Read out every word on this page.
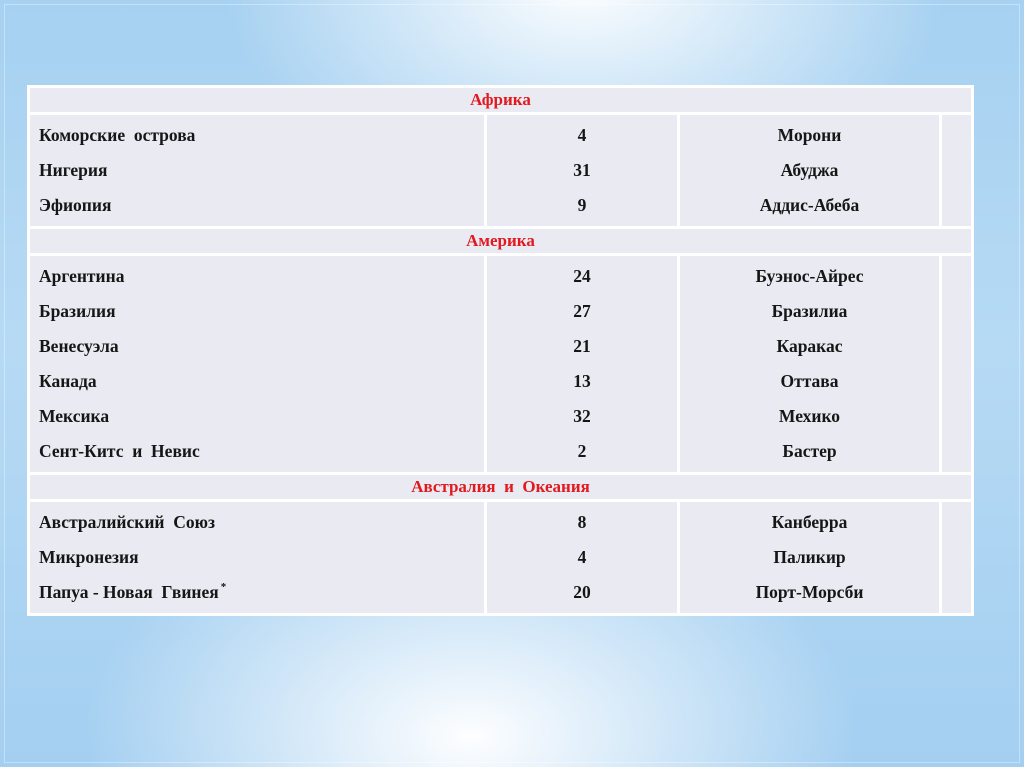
Африка
Коморские  острова
Нигерия
Эфиопия
4
31
9
Морони
Абуджа
Аддис-Абеба
Америка
Аргентина
Бразилия
Венесуэла
Канада
Мексика
Сент-Китс  и  Невис
24
27
21
13
32
2
Буэнос-Айрес
Бразилиа
Каракас
Оттава
Мехико
Бастер
Австралия  и  Океания
Австралийский  Союз
Микронезия
Папуа - Новая  Гвинея*
8
4
20
Канберра
Паликир
Порт-Морсби
